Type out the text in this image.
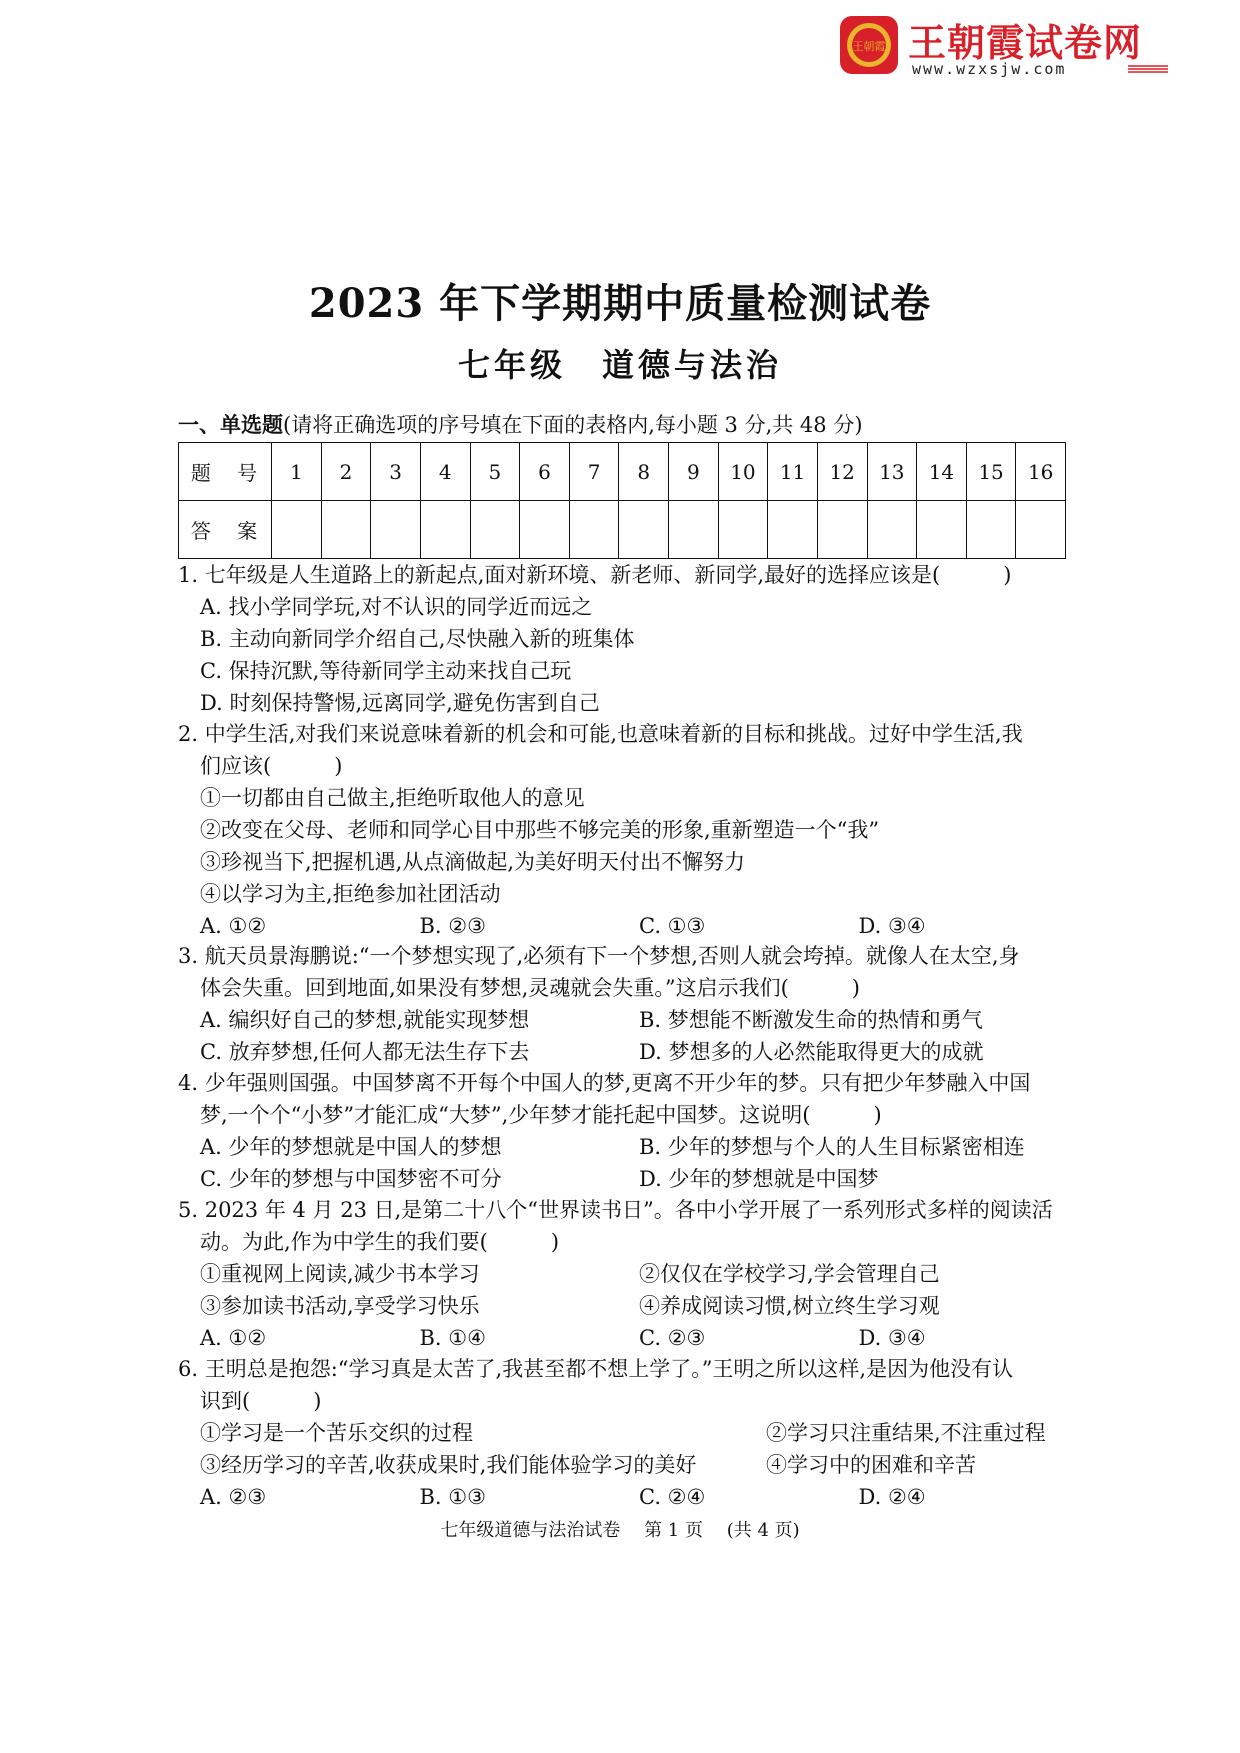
王朝霞 王朝霞试卷网
www.wzxsjw.com
2023 年下学期期中质量检测试卷
七年级　道德与法治
一、单选题(请将正确选项的序号填在下面的表格内,每小题 3 分,共 48 分)
题 号	1	2	3	4	5	6	7	8	9	10	11	12	13	14	15	16
答 案																
1. 七年级是人生道路上的新起点,面对新环境、新老师、新同学,最好的选择应该是(　　　)
A. 找小学同学玩,对不认识的同学近而远之
B. 主动向新同学介绍自己,尽快融入新的班集体
C. 保持沉默,等待新同学主动来找自己玩
D. 时刻保持警惕,远离同学,避免伤害到自己
2. 中学生活,对我们来说意味着新的机会和可能,也意味着新的目标和挑战。过好中学生活,我
们应该(　　　)
①一切都由自己做主,拒绝听取他人的意见
②改变在父母、老师和同学心目中那些不够完美的形象,重新塑造一个“我”
③珍视当下,把握机遇,从点滴做起,为美好明天付出不懈努力
④以学习为主,拒绝参加社团活动
A. ①②	B. ②③	C. ①③	D. ③④
3. 航天员景海鹏说:“一个梦想实现了,必须有下一个梦想,否则人就会垮掉。就像人在太空,身
体会失重。回到地面,如果没有梦想,灵魂就会失重。”这启示我们(　　　)
A. 编织好自己的梦想,就能实现梦想	B. 梦想能不断激发生命的热情和勇气
C. 放弃梦想,任何人都无法生存下去	D. 梦想多的人必然能取得更大的成就
4. 少年强则国强。中国梦离不开每个中国人的梦,更离不开少年的梦。只有把少年梦融入中国
梦,一个个“小梦”才能汇成“大梦”,少年梦才能托起中国梦。这说明(　　　)
A. 少年的梦想就是中国人的梦想	B. 少年的梦想与个人的人生目标紧密相连
C. 少年的梦想与中国梦密不可分	D. 少年的梦想就是中国梦
5. 2023 年 4 月 23 日,是第二十八个“世界读书日”。各中小学开展了一系列形式多样的阅读活
动。为此,作为中学生的我们要(　　　)
①重视网上阅读,减少书本学习	②仅仅在学校学习,学会管理自己
③参加读书活动,享受学习快乐	④养成阅读习惯,树立终生学习观
A. ①②	B. ①④	C. ②③	D. ③④
6. 王明总是抱怨:“学习真是太苦了,我甚至都不想上学了。”王明之所以这样,是因为他没有认
识到(　　　)
①学习是一个苦乐交织的过程	②学习只注重结果,不注重过程
③经历学习的辛苦,收获成果时,我们能体验学习的美好	④学习中的困难和辛苦
A. ②③	B. ①③	C. ②④	D. ②④
七年级道德与法治试卷　 第 1 页 　(共 4 页)
